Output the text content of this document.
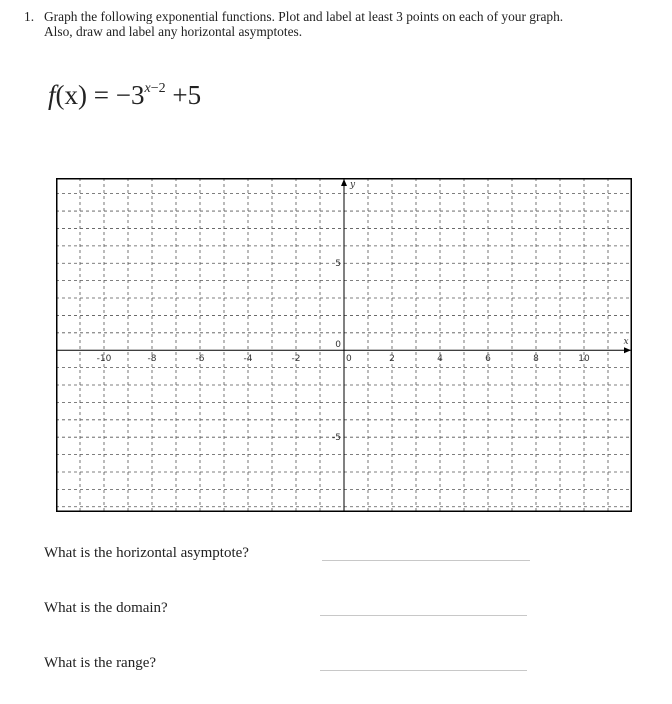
1. Graph the following exponential functions. Plot and label at least 3 points on each of your graph.
Also, draw and label any horizontal asymptotes.
$f(x) = -3^{x-2} +5$
-10	-8	-6	-4	-2	0	2	4	6	8	10
5
0
-5
x
y
What is the horizontal asymptote?
What is the domain?
What is the range?
